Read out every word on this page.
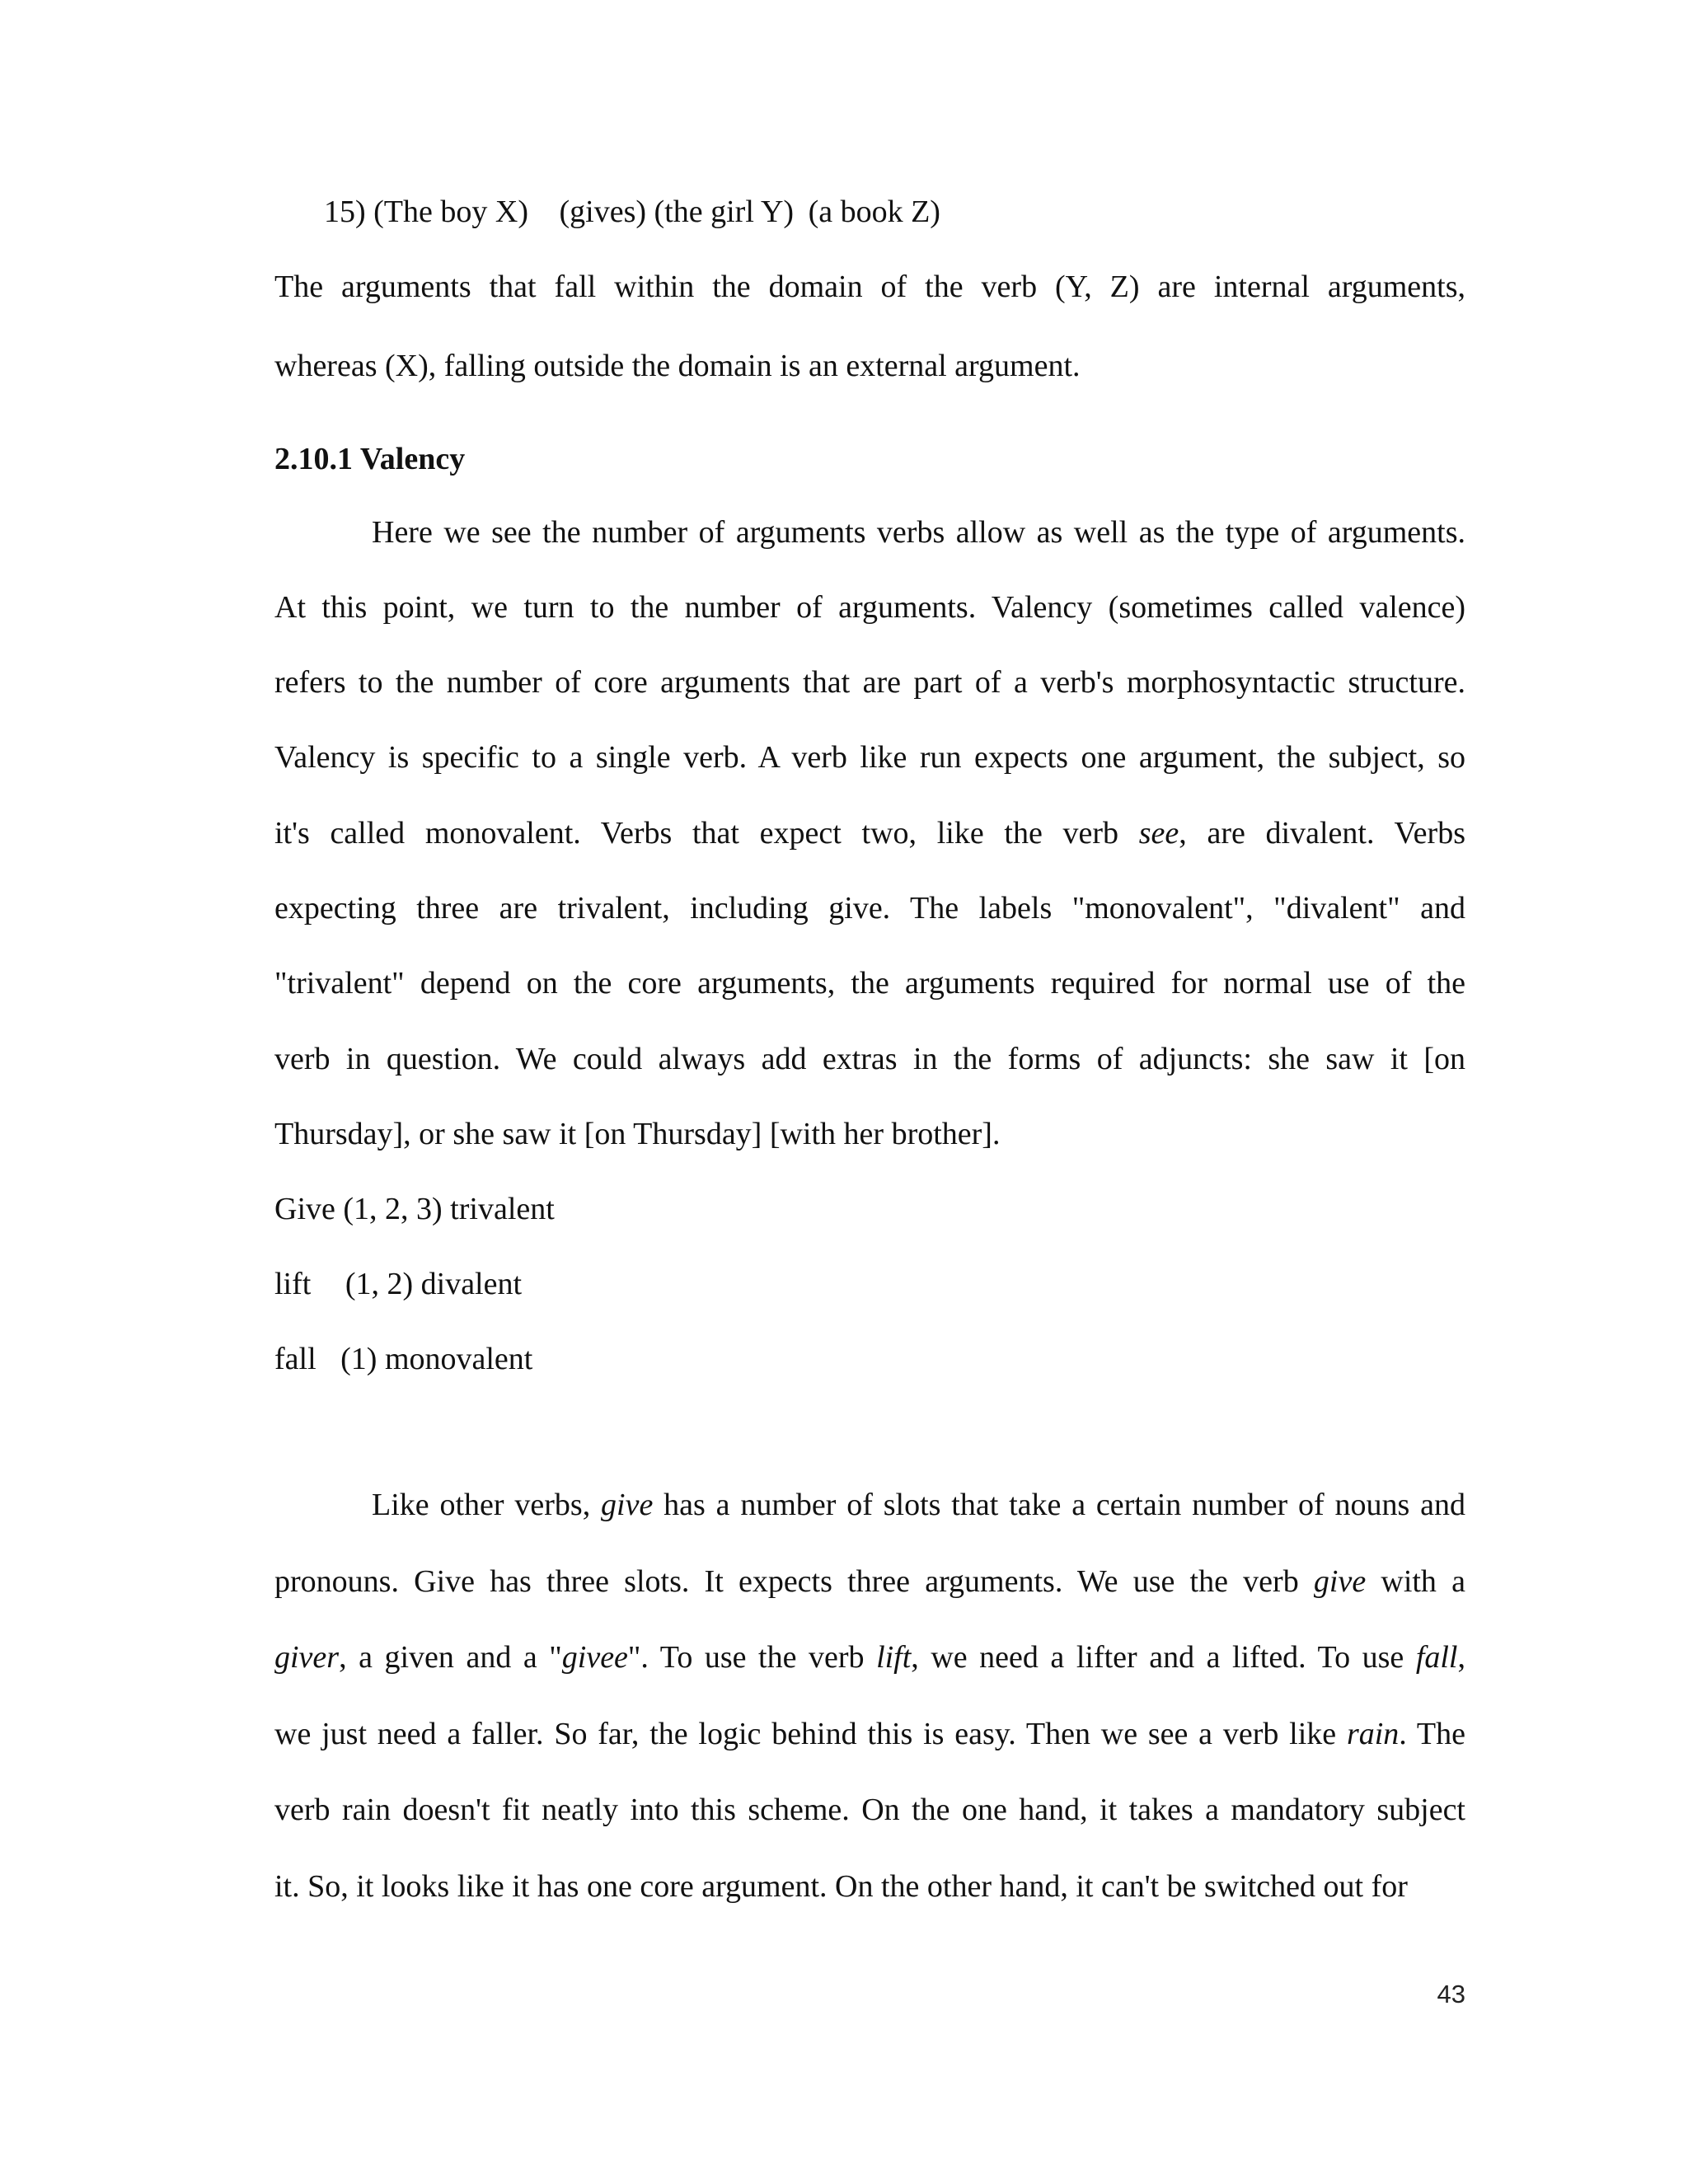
15) (The boy X) (gives) (the girl Y) (a book Z)
The arguments that fall within the domain of the verb (Y, Z) are internal arguments,
whereas (X), falling outside the domain is an external argument.
2.10.1 Valency
Here we see the number of arguments verbs allow as well as the type of arguments.
At this point, we turn to the number of arguments. Valency (sometimes called valence)
refers to the number of core arguments that are part of a verb's morphosyntactic structure.
Valency is specific to a single verb. A verb like run expects one argument, the subject, so
it's called monovalent. Verbs that expect two, like the verb see, are divalent. Verbs
expecting three are trivalent, including give. The labels "monovalent", "divalent" and
"trivalent" depend on the core arguments, the arguments required for normal use of the
verb in question. We could always add extras in the forms of adjuncts: she saw it [on
Thursday], or she saw it [on Thursday] [with her brother].
Give (1, 2, 3) trivalent
lift (1, 2) divalent
fall (1) monovalent
Like other verbs, give has a number of slots that take a certain number of nouns and
pronouns. Give has three slots. It expects three arguments. We use the verb give with a
giver, a given and a "givee". To use the verb lift, we need a lifter and a lifted. To use fall,
we just need a faller. So far, the logic behind this is easy. Then we see a verb like rain. The
verb rain doesn't fit neatly into this scheme. On the one hand, it takes a mandatory subject
it. So, it looks like it has one core argument. On the other hand, it can't be switched out for
43
